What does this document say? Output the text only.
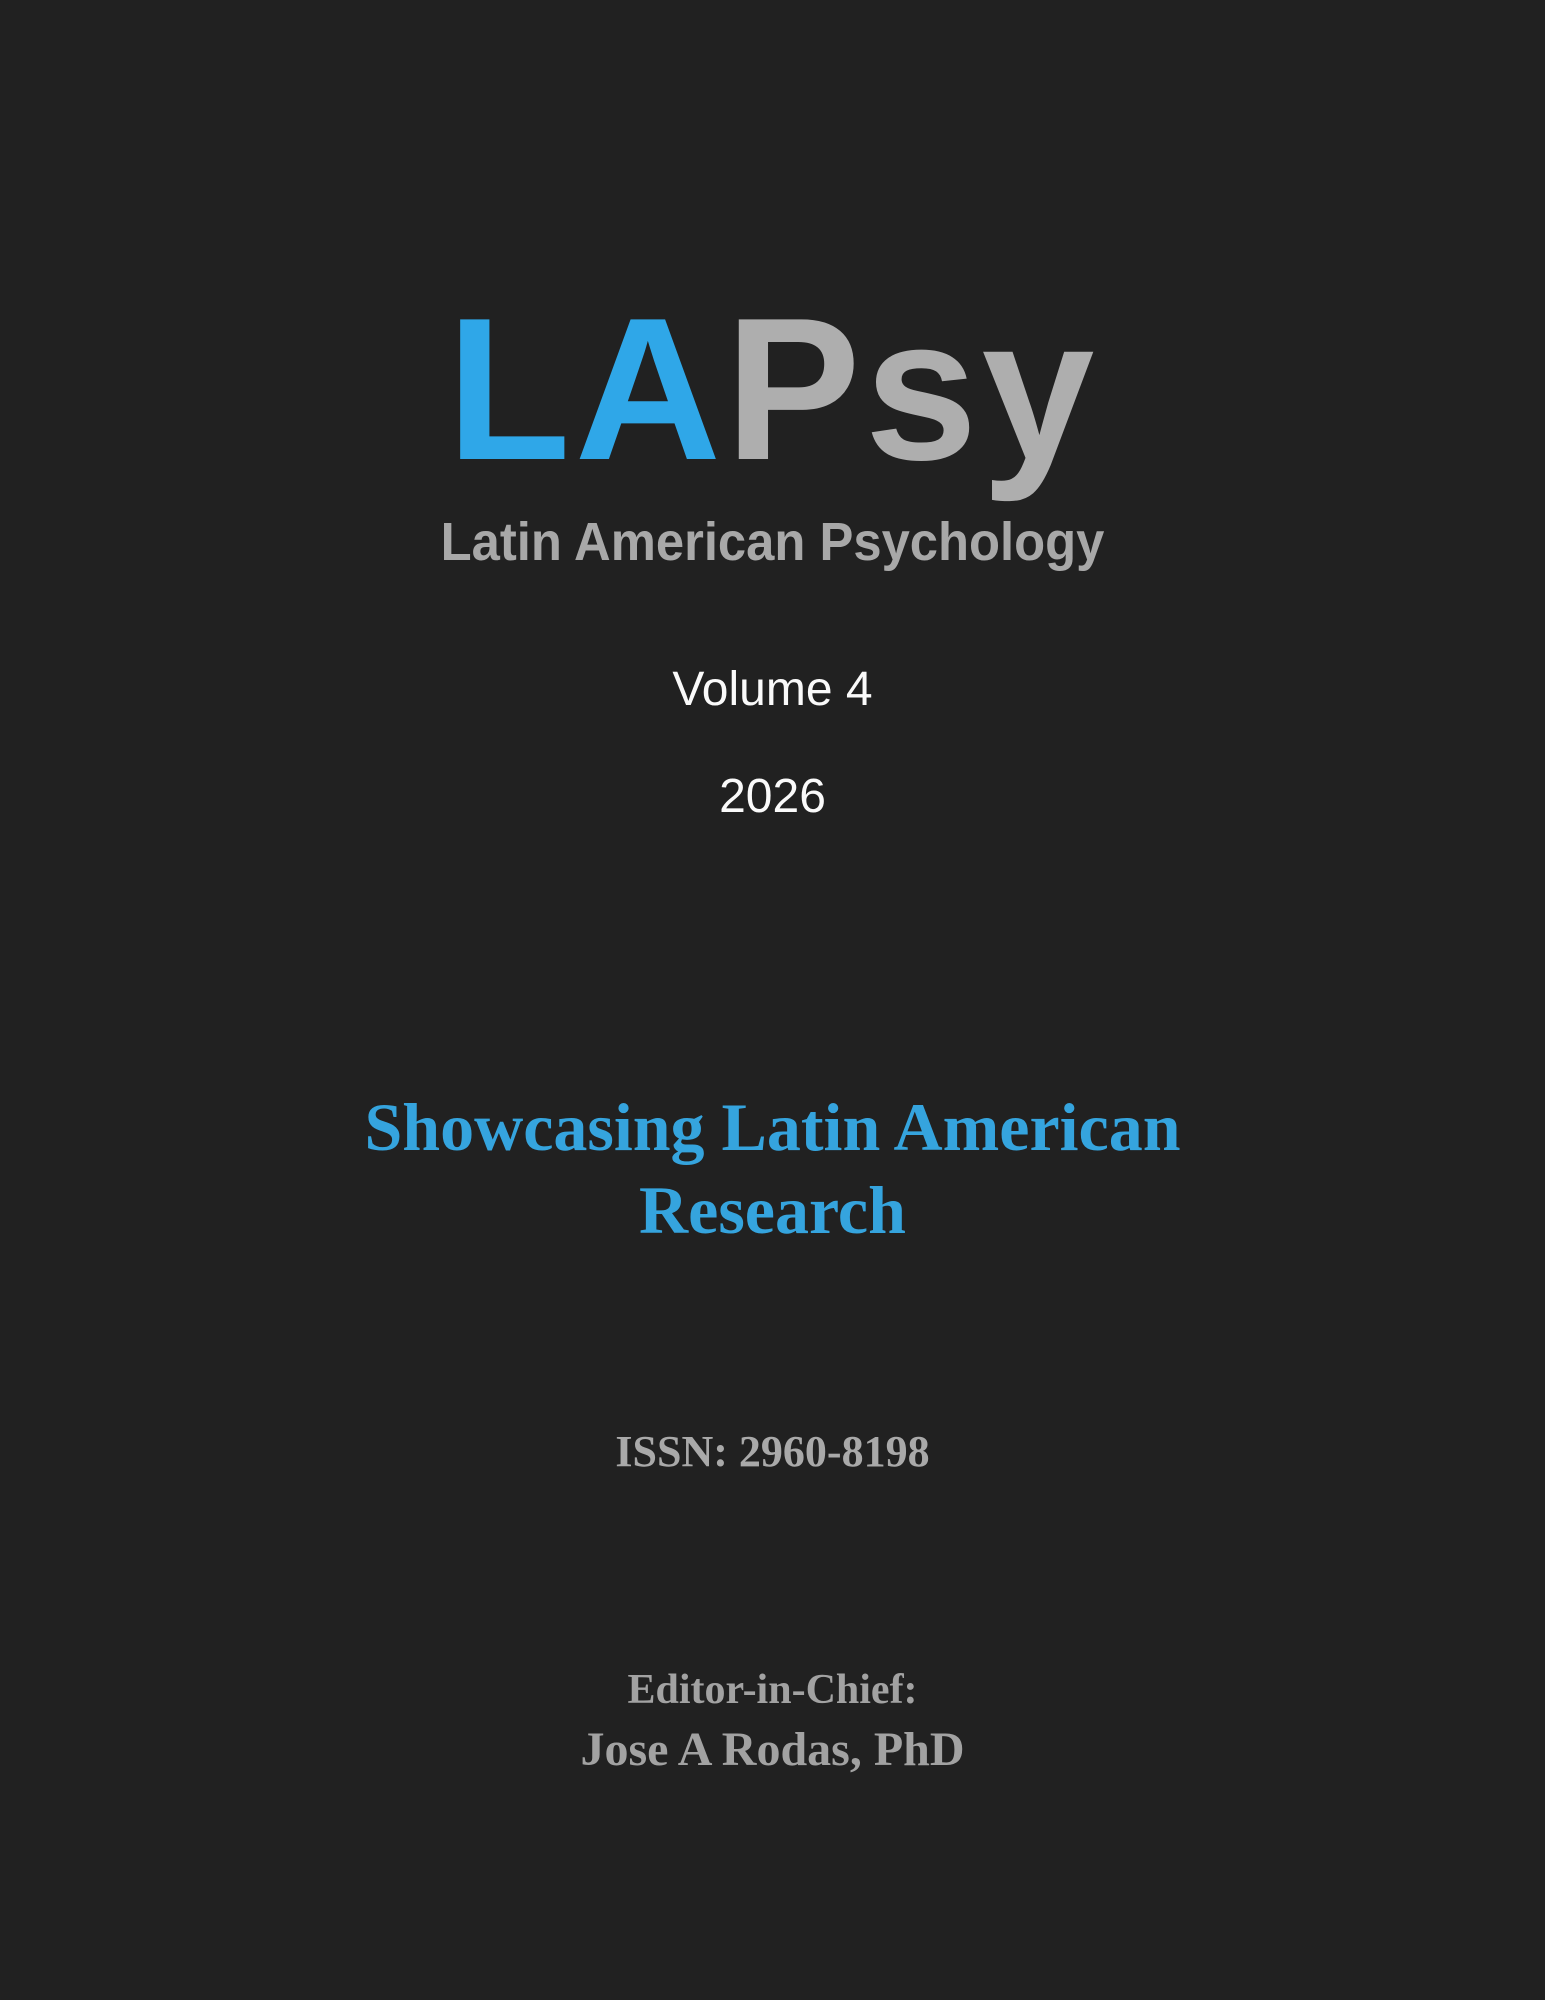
LAPsy
Latin American Psychology
Volume 4
2026
Showcasing Latin American
Research
ISSN: 2960-8198
Editor-in-Chief:
Jose A Rodas, PhD
